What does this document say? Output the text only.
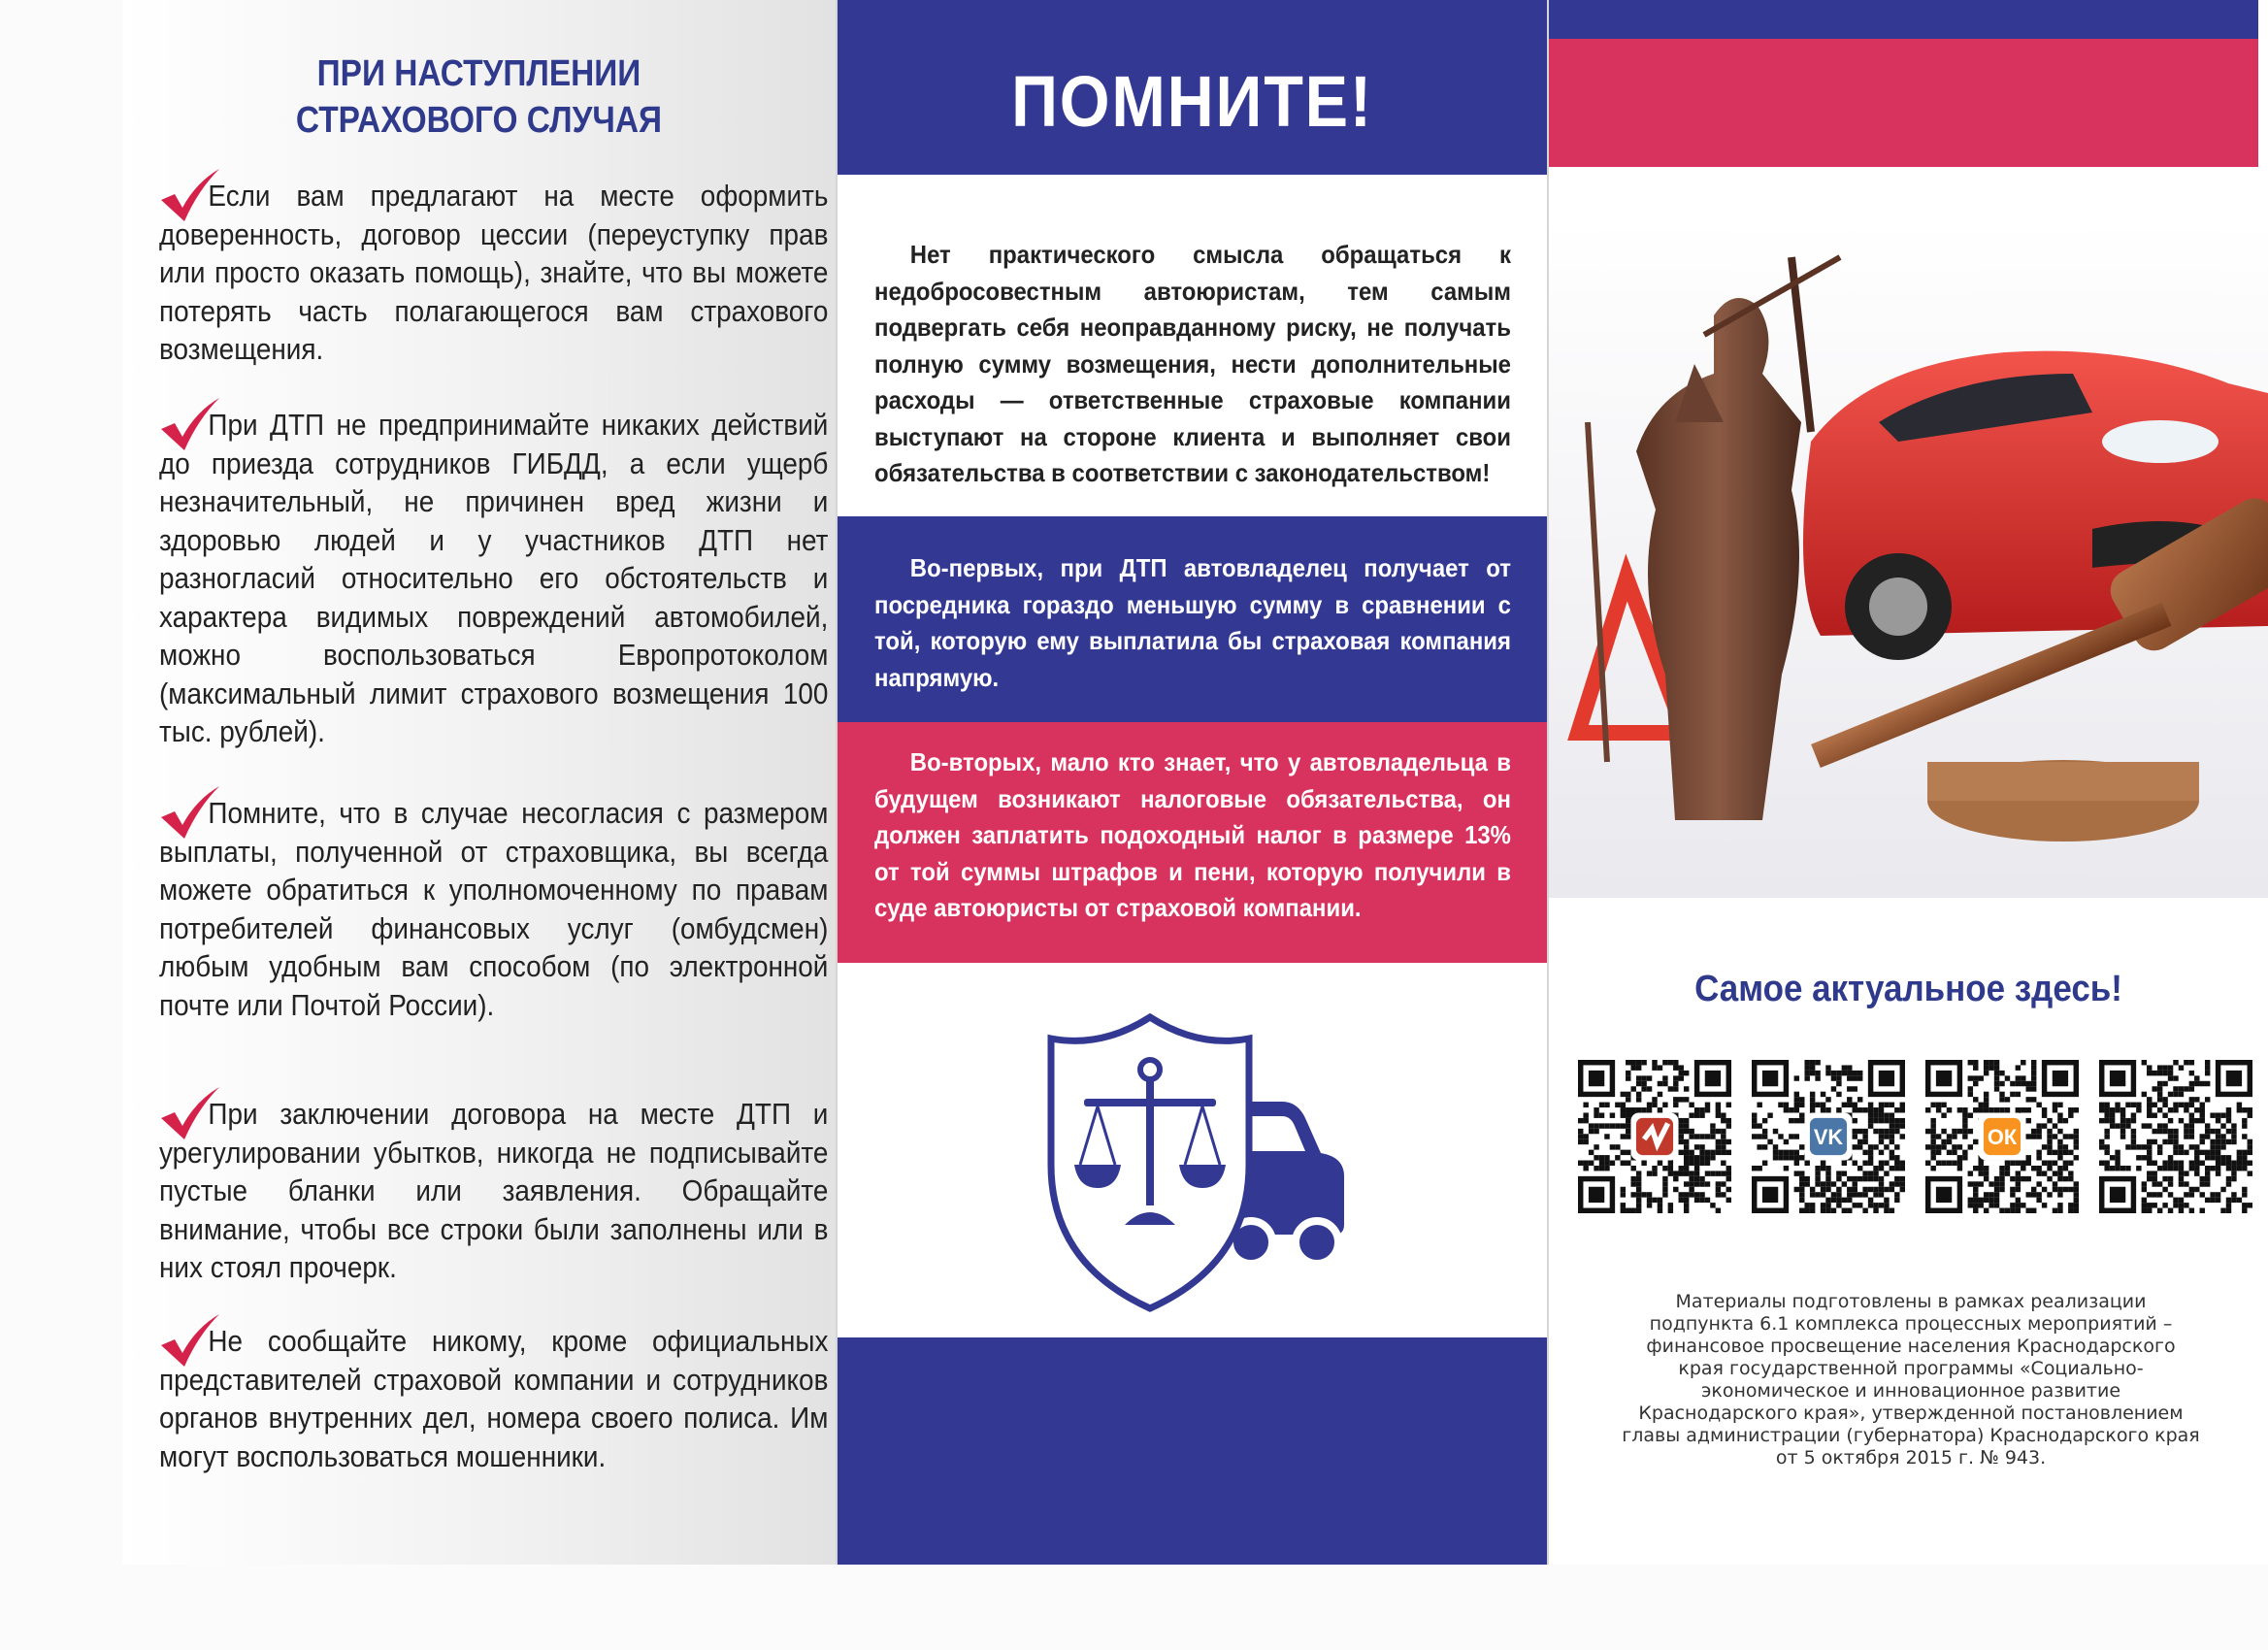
ПРИ НАСТУПЛЕНИИ
СТРАХОВОГО СЛУЧАЯ

Если вам предлагают на месте оформить доверенность, договор цессии (переуступку прав или просто оказать помощь), знайте, что вы можете потерять часть полагающегося вам страхового возмещения.

При ДТП не предпринимайте никаких действий до приезда сотрудников ГИБДД, а если ущерб незначительный, не причинен вред жизни и здоровью людей и у участников ДТП нет разногласий относительно его обстоятельств и характера видимых повреждений автомобилей, можно воспользоваться Европротоколом (максимальный лимит страхового возмещения 100 тыс. рублей).

Помните, что в случае несогласия с размером выплаты, полученной от страховщика, вы всегда можете обратиться к уполномоченному по правам потребителей финансовых услуг (омбудсмен) любым удобным вам способом (по электронной почте или Почтой России).

При заключении договора на месте ДТП и урегулировании убытков, никогда не подписывайте пустые бланки или заявления. Обращайте внимание, чтобы все строки были заполнены или в них стоял прочерк.

Не сообщайте никому, кроме официальных представителей страховой компании и сотрудников органов внутренних дел, номера своего полиса. Им могут воспользоваться мошенники.

ПОМНИТЕ!

Нет практического смысла обращаться к недобросовестным автоюристам, тем самым подвергать себя неоправданному риску, не получать полную сумму возмещения, нести дополнительные расходы — ответственные страховые компании выступают на стороне клиента и выполняет свои обязательства в соответствии с законодательством!

Во-первых, при ДТП автовладелец получает от посредника гораздо меньшую сумму в сравнении с той, которую ему выплатила бы страховая компания напрямую.

Во-вторых, мало кто знает, что у автовладельца в будущем возникают налоговые обязательства, он должен заплатить подоходный налог в размере 13% от той суммы штрафов и пени, которую получили в суде автоюристы от страховой компании.

Самое актуальное здесь!
VK	ОК
Материалы подготовлены в рамках реализации
подпункта 6.1 комплекса процессных мероприятий –
финансовое просвещение населения Краснодарского
края государственной программы «Социально-
экономическое и инновационное развитие
Краснодарского края», утвержденной постановлением
главы администрации (губернатора) Краснодарского края
от 5 октября 2015 г. № 943.
